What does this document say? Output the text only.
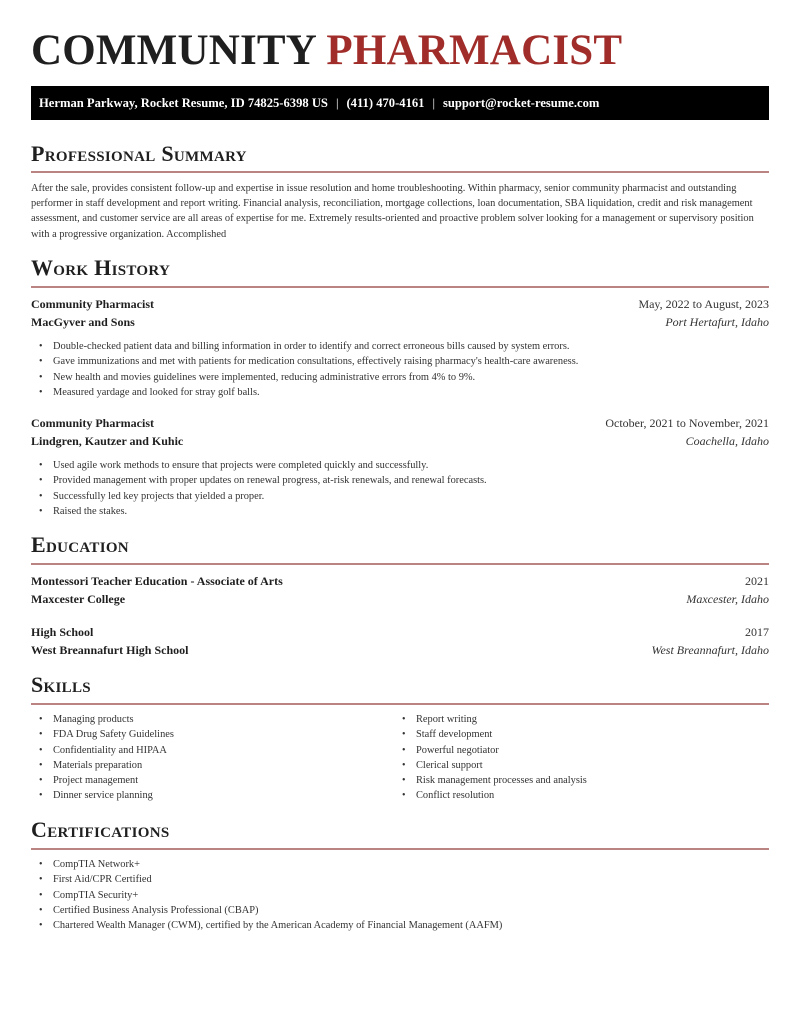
COMMUNITY PHARMACIST
Herman Parkway, Rocket Resume, ID 74825-6398 US | (411) 470-4161 | support@rocket-resume.com
Professional Summary

After the sale, provides consistent follow-up and expertise in issue resolution and home troubleshooting. Within pharmacy, senior community pharmacist and outstanding performer in staff development and report writing. Financial analysis, reconciliation, mortgage collections, loan documentation, SBA liquidation, credit and risk management assessment, and customer service are all areas of expertise for me. Extremely results-oriented and proactive problem solver looking for a management or supervisory position with a progressive organization. Accomplished

Work History
Community Pharmacist	May, 2022 to August, 2023
MacGyver and Sons	Port Hertafurt, Idaho
• Double-checked patient data and billing information in order to identify and correct erroneous bills caused by system errors.
• Gave immunizations and met with patients for medication consultations, effectively raising pharmacy's health-care awareness.
• New health and movies guidelines were implemented, reducing administrative errors from 4% to 9%.
• Measured yardage and looked for stray golf balls.
Community Pharmacist	October, 2021 to November, 2021
Lindgren, Kautzer and Kuhic	Coachella, Idaho
• Used agile work methods to ensure that projects were completed quickly and successfully.
• Provided management with proper updates on renewal progress, at-risk renewals, and renewal forecasts.
• Successfully led key projects that yielded a proper.
• Raised the stakes.
Education
Montessori Teacher Education - Associate of Arts	2021
Maxcester College	Maxcester, Idaho
High School	2017
West Breannafurt High School	West Breannafurt, Idaho
Skills
• Managing products
• FDA Drug Safety Guidelines
• Confidentiality and HIPAA
• Materials preparation
• Project management
• Dinner service planning
• Report writing
• Staff development
• Powerful negotiator
• Clerical support
• Risk management processes and analysis
• Conflict resolution
Certifications
• CompTIA Network+
• First Aid/CPR Certified
• CompTIA Security+
• Certified Business Analysis Professional (CBAP)
• Chartered Wealth Manager (CWM), certified by the American Academy of Financial Management (AAFM)
